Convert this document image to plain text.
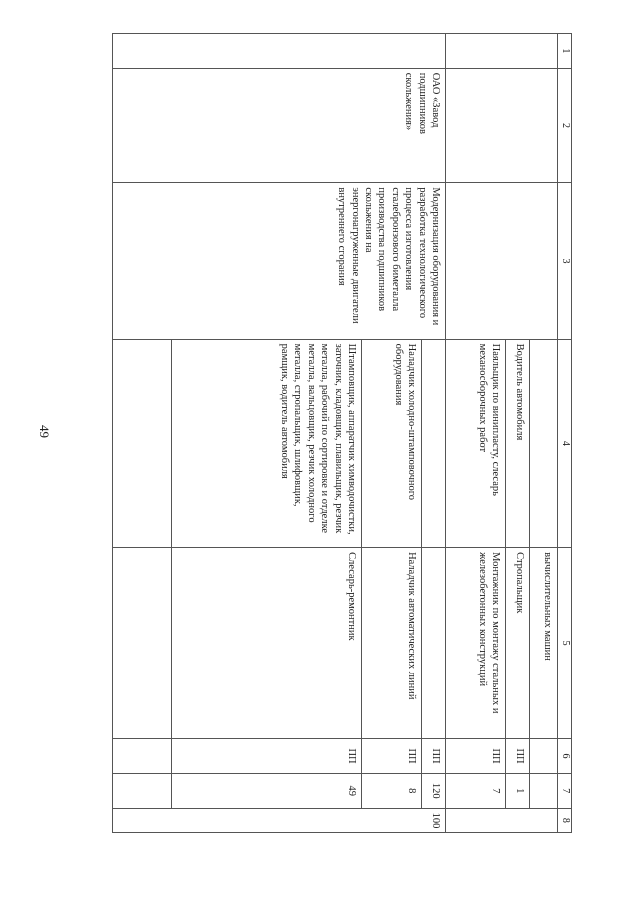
49
1	2	3	4	5	6	7	8
				вычислительных машин			
			Водитель автомобиля	Стропальщик	ПП	1	
			Паяльщик по винипласту, слесарь механосборочных работ	Монтажник по монтажу стальных и железобетонных конструкций	ПП	7	
	ОАО «Завод подшипников скольжения»	Модернизация оборудования и разработка технологического процесса изготовления сталебронзового биметалла производства подшипников скольжения на энергонагруженные двигатели внутреннего сгорания			ПП	120	100
			Наладчик холодно-штамповочного оборудования	Наладчик автоматических линий	ПП	8	
			Штамповщик, аппаратчик химводочистки, заточник, кладовщик, плавильщик, резчик металла, рабочий по сортировке и отделке металла, вальцовщик, резчик холодного металла, стропальщик, шлифовщик, рамщик, водитель автомобиля	Слесарь-ремонтник	ПП	49	
